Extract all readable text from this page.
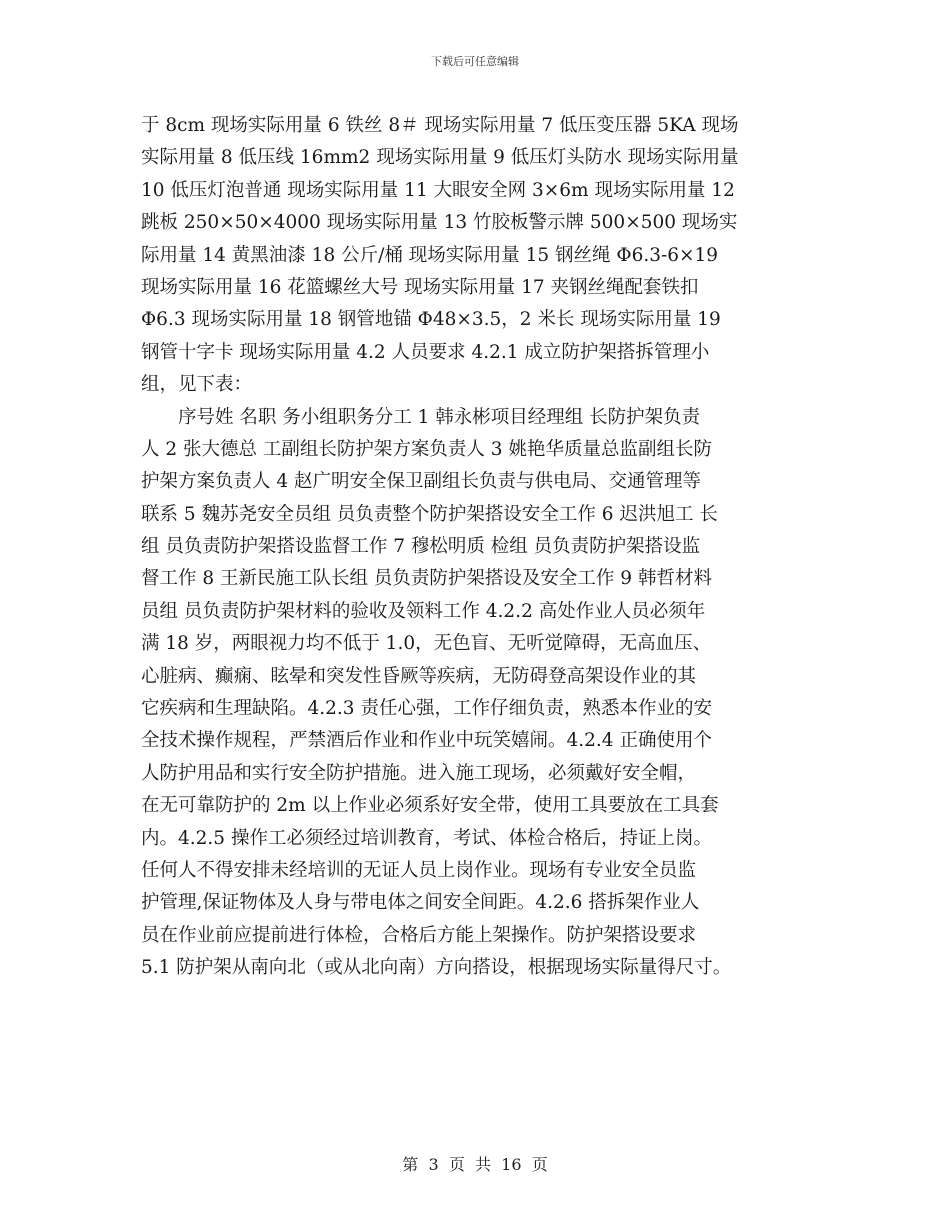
下载后可任意编辑
于 8cm 现场实际用量 6 铁丝 8＃ 现场实际用量 7 低压变压器 5KA 现场
实际用量 8 低压线 16mm2 现场实际用量 9 低压灯头防水 现场实际用量
10 低压灯泡普通 现场实际用量 11 大眼安全网 3×6m 现场实际用量 12
跳板 250×50×4000 现场实际用量 13 竹胶板警示牌 500×500 现场实
际用量 14 黄黑油漆 18 公斤/桶 现场实际用量 15 钢丝绳 Φ6.3-6×19
现场实际用量 16 花篮螺丝大号 现场实际用量 17 夹钢丝绳配套铁扣
Φ6.3 现场实际用量 18 钢管地锚 Φ48×3.5，2 米长 现场实际用量 19
钢管十字卡 现场实际用量 4.2 人员要求 4.2.1 成立防护架搭拆管理小
组，见下表：
　　序号姓 名职 务小组职务分工 1 韩永彬项目经理组 长防护架负责
人 2 张大德总 工副组长防护架方案负责人 3 姚艳华质量总监副组长防
护架方案负责人 4 赵广明安全保卫副组长负责与供电局、交通管理等
联系 5 魏苏尧安全员组 员负责整个防护架搭设安全工作 6 迟洪旭工 长
组 员负责防护架搭设监督工作 7 穆松明质 检组 员负责防护架搭设监
督工作 8 王新民施工队长组 员负责防护架搭设及安全工作 9 韩哲材料
员组 员负责防护架材料的验收及领料工作 4.2.2 高处作业人员必须年
满 18 岁，两眼视力均不低于 1.0，无色盲、无听觉障碍，无高血压、
心脏病、癫痫、眩晕和突发性昏厥等疾病，无防碍登高架设作业的其
它疾病和生理缺陷。4.2.3 责任心强，工作仔细负责，熟悉本作业的安
全技术操作规程，严禁酒后作业和作业中玩笑嬉闹。4.2.4 正确使用个
人防护用品和实行安全防护措施。进入施工现场，必须戴好安全帽，
在无可靠防护的 2m 以上作业必须系好安全带，使用工具要放在工具套
内。4.2.5 操作工必须经过培训教育，考试、体检合格后，持证上岗。
任何人不得安排未经培训的无证人员上岗作业。现场有专业安全员监
护管理,保证物体及人身与带电体之间安全间距。4.2.6 搭拆架作业人
员在作业前应提前进行体检，合格后方能上架操作。防护架搭设要求
5.1 防护架从南向北（或从北向南）方向搭设，根据现场实际量得尺寸。
第  3  页  共  16  页
